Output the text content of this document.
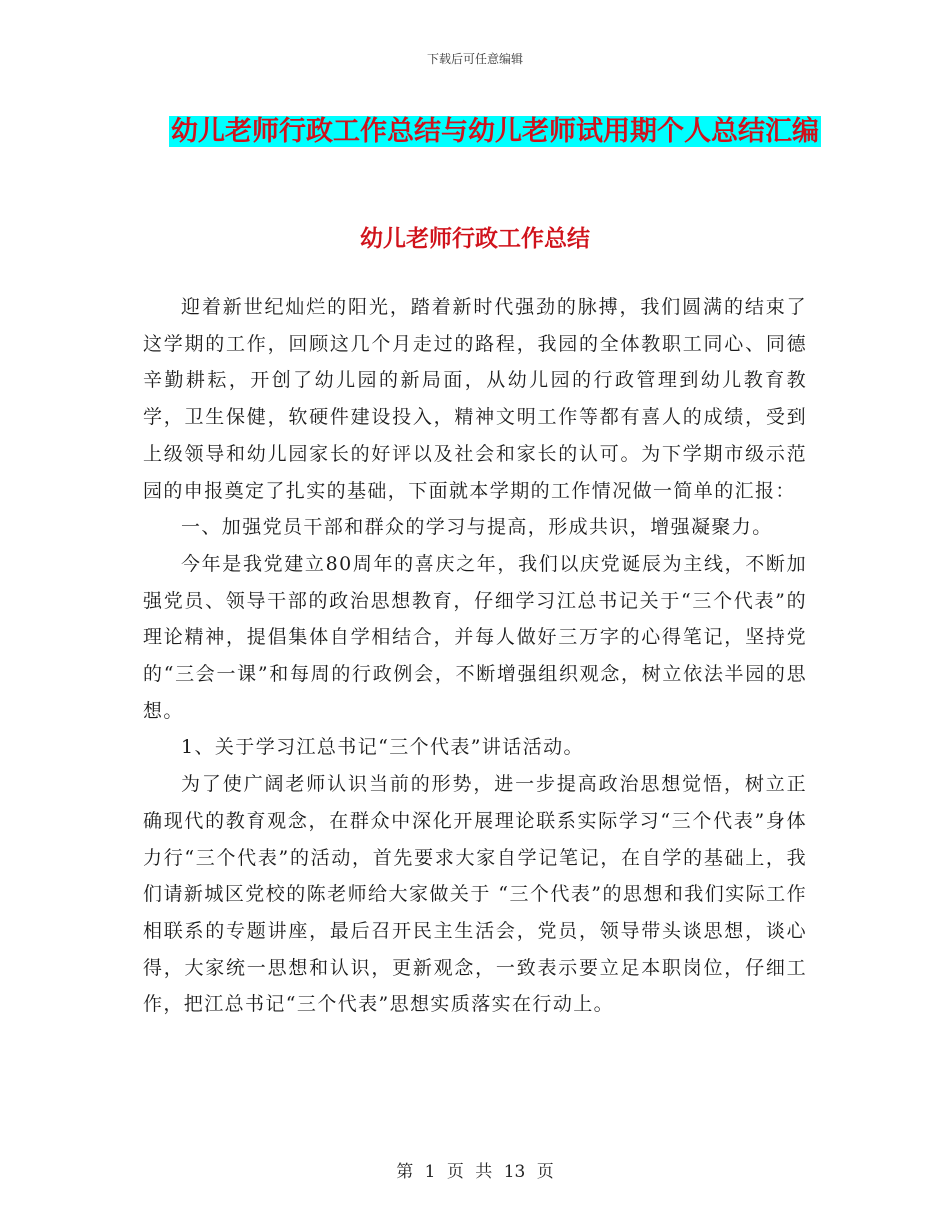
下载后可任意编辑
幼儿老师行政工作总结与幼儿老师试用期个人总结汇编
幼儿老师行政工作总结

迎着新世纪灿烂的阳光，踏着新时代强劲的脉搏，我们圆满的结束了这学期的工作，回顾这几个月走过的路程，我园的全体教职工同心、同德辛勤耕耘，开创了幼儿园的新局面，从幼儿园的行政管理到幼儿教育教学，卫生保健，软硬件建设投入，精神文明工作等都有喜人的成绩，受到上级领导和幼儿园家长的好评以及社会和家长的认可。为下学期市级示范园的申报奠定了扎实的基础，下面就本学期的工作情况做一简单的汇报：

一、加强党员干部和群众的学习与提高，形成共识，增强凝聚力。

今年是我党建立80周年的喜庆之年，我们以庆党诞辰为主线，不断加强党员、领导干部的政治思想教育，仔细学习江总书记关于“三个代表”的理论精神，提倡集体自学相结合，并每人做好三万字的心得笔记，坚持党的“三会一课”和每周的行政例会，不断增强组织观念，树立依法半园的思想。

1、关于学习江总书记“三个代表”讲话活动。

为了使广阔老师认识当前的形势，进一步提高政治思想觉悟，树立正确现代的教育观念，在群众中深化开展理论联系实际学习“三个代表”身体力行“三个代表”的活动，首先要求大家自学记笔记，在自学的基础上，我们请新城区党校的陈老师给大家做关于 “三个代表”的思想和我们实际工作相联系的专题讲座，最后召开民主生活会，党员，领导带头谈思想，谈心得，大家统一思想和认识，更新观念，一致表示要立足本职岗位，仔细工作，把江总书记“三个代表”思想实质落实在行动上。

第 1 页 共 13 页
